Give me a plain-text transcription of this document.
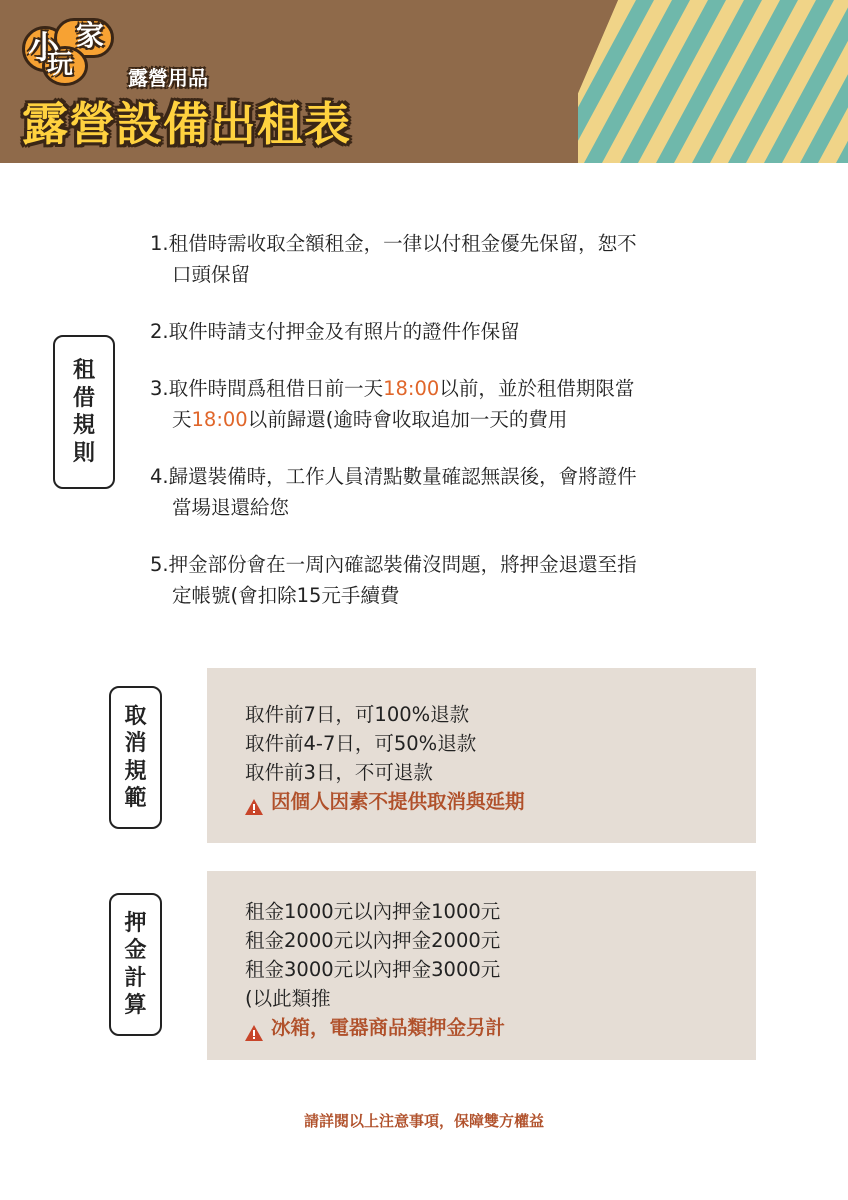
小
玩
家
露營用品
露營設備出租表
租
借
規
則
1.租借時需收取全額租金，一律以付租金優先保留，恕不
口頭保留
2.取件時請支付押金及有照片的證件作保留
3.取件時間爲租借日前一天18:00以前，並於租借期限當
天18:00以前歸還(逾時會收取追加一天的費用
4.歸還裝備時，工作人員清點數量確認無誤後，會將證件
當場退還給您
5.押金部份會在一周內確認裝備沒問題，將押金退還至指
定帳號(會扣除15元手續費
取
消
規
範
取件前7日，可100%退款
取件前4-7日，可50%退款
取件前3日，不可退款
因個人因素不提供取消與延期
押
金
計
算
租金1000元以內押金1000元
租金2000元以內押金2000元
租金3000元以內押金3000元
(以此類推
冰箱，電器商品類押金另計
請詳閱以上注意事項，保障雙方權益
